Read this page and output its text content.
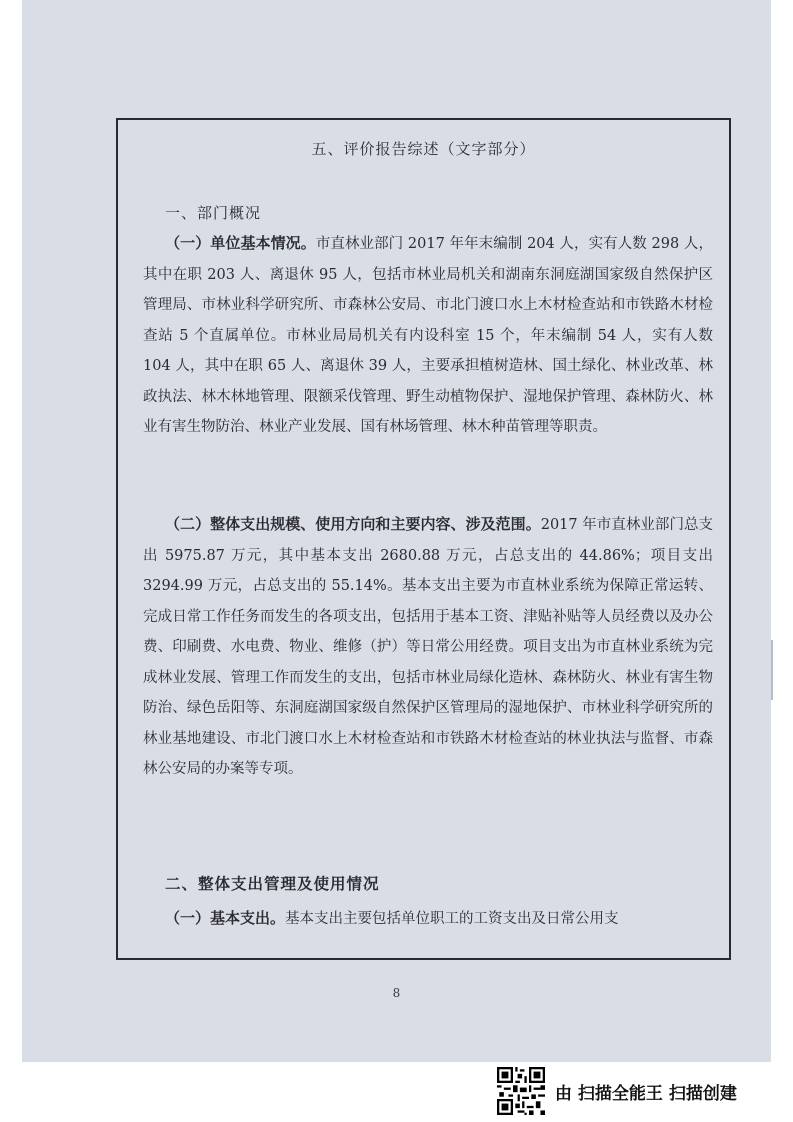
五、评价报告综述（文字部分）
一、部门概况
（一）单位基本情况。市直林业部门 2017 年年末编制 204 人，实有人数 298 人，其中在职 203 人、离退休 95 人，包括市林业局机关和湖南东洞庭湖国家级自然保护区管理局、市林业科学研究所、市森林公安局、市北门渡口水上木材检查站和市铁路木材检查站 5 个直属单位。市林业局局机关有内设科室 15 个，年末编制 54 人，实有人数 104 人，其中在职 65 人、离退休 39 人，主要承担植树造林、国土绿化、林业改革、林政执法、林木林地管理、限额采伐管理、野生动植物保护、湿地保护管理、森林防火、林业有害生物防治、林业产业发展、国有林场管理、林木种苗管理等职责。
（二）整体支出规模、使用方向和主要内容、涉及范围。2017 年市直林业部门总支出 5975.87 万元，其中基本支出 2680.88 万元，占总支出的 44.86%；项目支出 3294.99 万元，占总支出的 55.14%。基本支出主要为市直林业系统为保障正常运转、完成日常工作任务而发生的各项支出，包括用于基本工资、津贴补贴等人员经费以及办公费、印刷费、水电费、物业、维修（护）等日常公用经费。项目支出为市直林业系统为完成林业发展、管理工作而发生的支出，包括市林业局绿化造林、森林防火、林业有害生物防治、绿色岳阳等、东洞庭湖国家级自然保护区管理局的湿地保护、市林业科学研究所的林业基地建设、市北门渡口水上木材检查站和市铁路木材检查站的林业执法与监督、市森林公安局的办案等专项。
二、整体支出管理及使用情况
（一）基本支出。基本支出主要包括单位职工的工资支出及日常公用支
8
由 扫描全能王 扫描创建
